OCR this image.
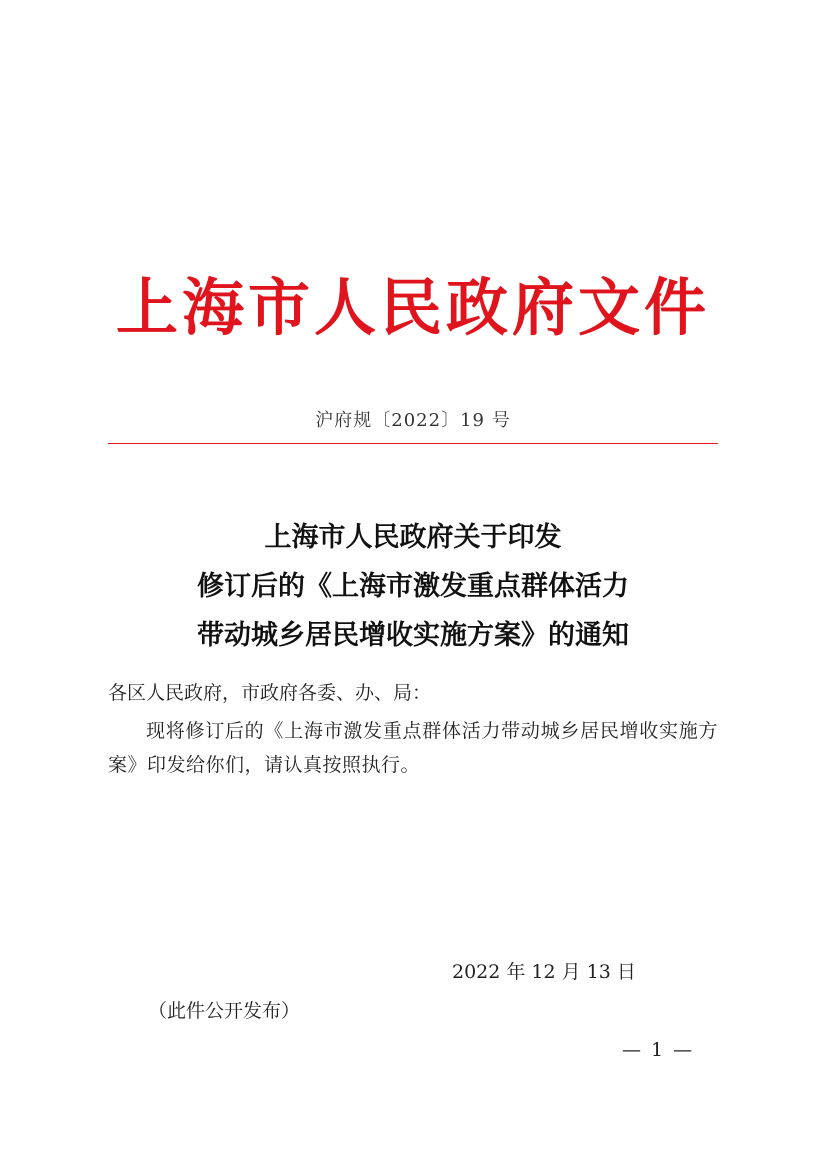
上海市人民政府文件
沪府规〔2022〕19 号
上海市人民政府关于印发
修订后的《上海市激发重点群体活力
带动城乡居民增收实施方案》的通知
各区人民政府，市政府各委、办、局：
现将修订后的《上海市激发重点群体活力带动城乡居民增收实施方案》印发给你们，请认真按照执行。
2022 年 12 月 13 日
（此件公开发布）
— 1 —
